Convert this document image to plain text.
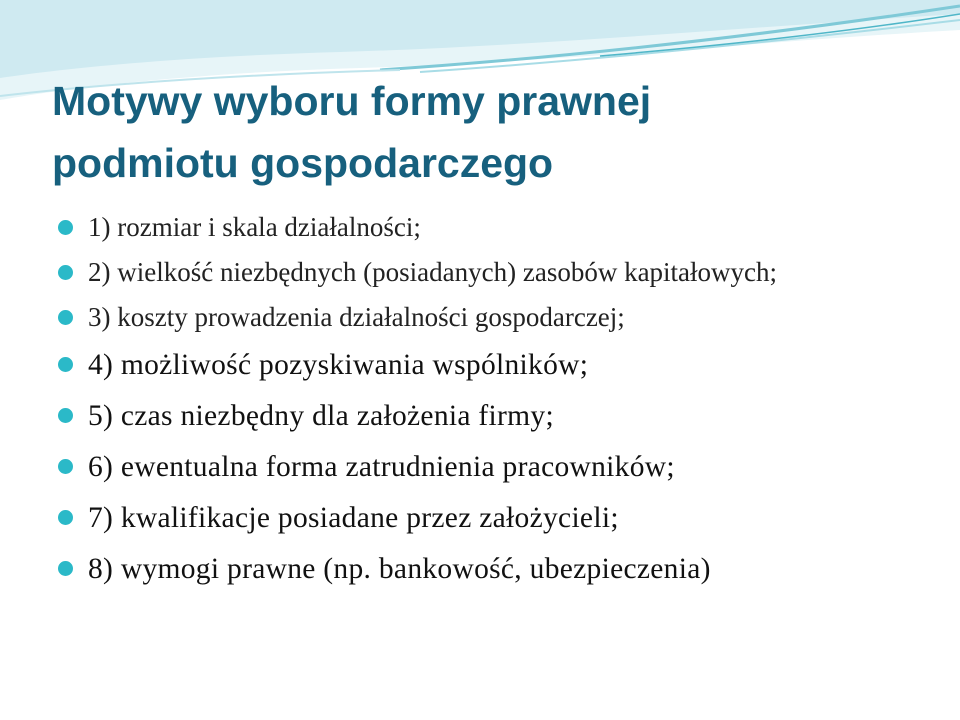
Motywy wyboru formy prawnej
podmiotu gospodarczego
1) rozmiar i skala działalności;
2) wielkość niezbędnych (posiadanych) zasobów kapitałowych;
3) koszty prowadzenia działalności gospodarczej;
4) możliwość pozyskiwania wspólników;
5) czas niezbędny dla założenia firmy;
6) ewentualna forma zatrudnienia pracowników;
7) kwalifikacje posiadane przez założycieli;
8) wymogi prawne (np. bankowość, ubezpieczenia)
